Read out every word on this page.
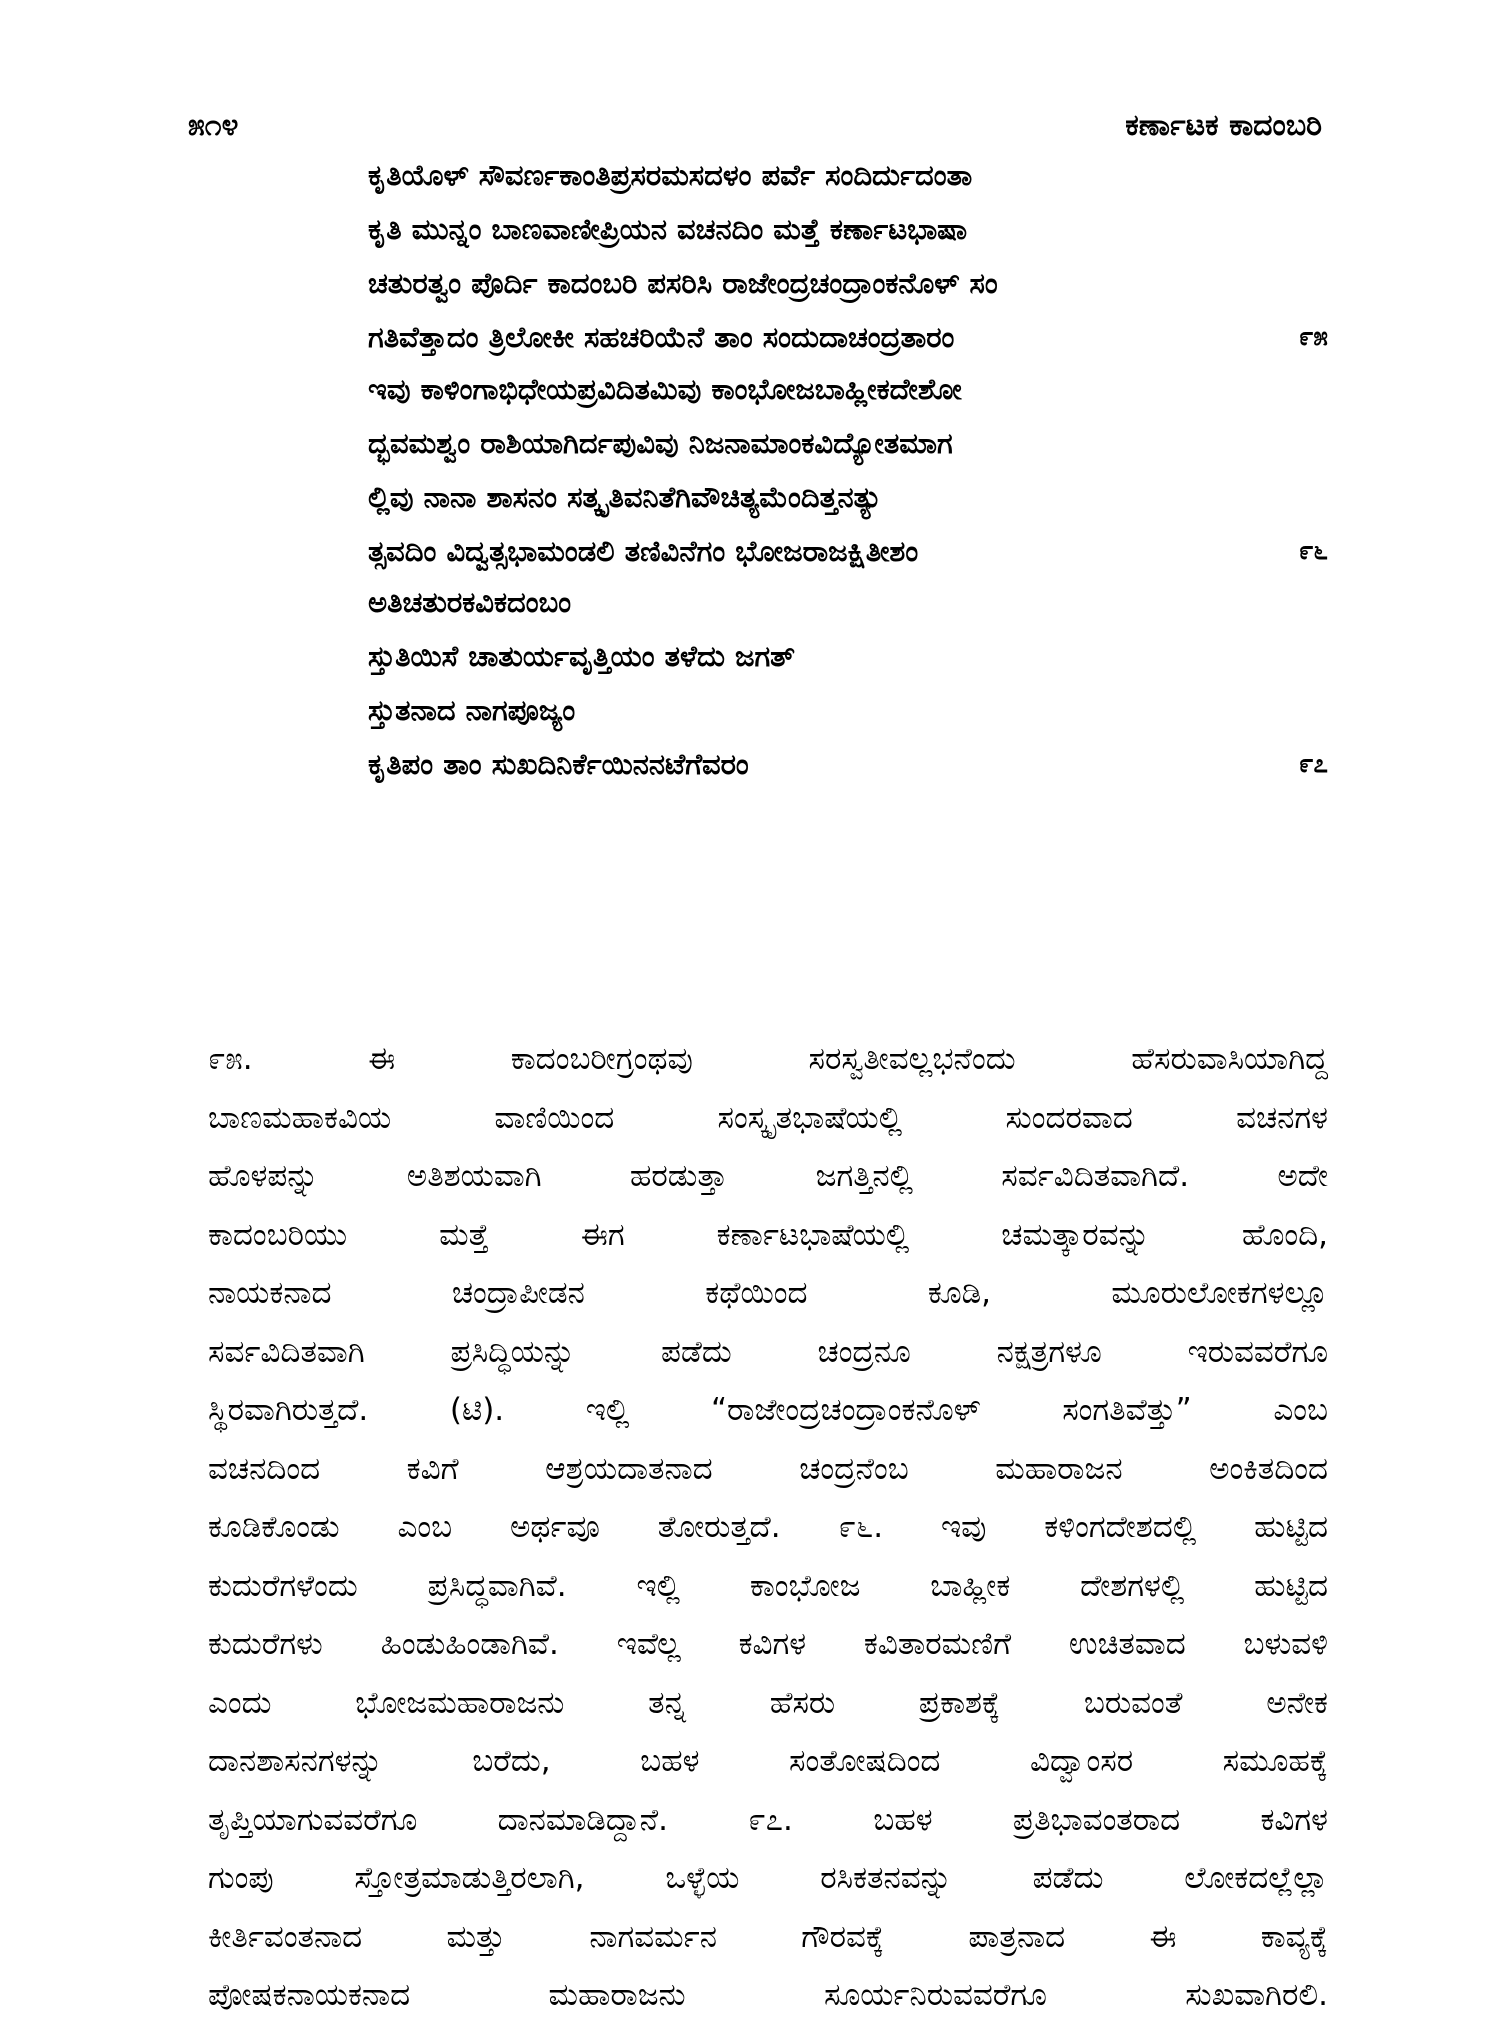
೫೧೪	ಕರ್ಣಾಟಕ ಕಾದಂಬರಿ
ಕೃತಿಯೊಳ್ ಸೌವರ್ಣಕಾಂತಿಪ್ರಸರಮಸದಳಂ ಪರ್ವೆ ಸಂದಿರ್ದುದಂತಾ
ಕೃತಿ ಮುನ್ನಂ ಬಾಣವಾಣೀಪ್ರಿಯನ ವಚನದಿಂ ಮತ್ತೆ ಕರ್ಣಾಟಭಾಷಾ
ಚತುರತ್ವಂ ಪೊರ್ದಿ ಕಾದಂಬರಿ ಪಸರಿಸಿ ರಾಜೇಂದ್ರಚಂದ್ರಾಂಕನೊಳ್ ಸಂ
ಗತಿವೆತ್ತಾದಂ ತ್ರಿಲೋಕೀ ಸಹಚರಿಯೆನೆ ತಾಂ ಸಂದುದಾಚಂದ್ರತಾರಂ	೯೫
ಇವು ಕಾಳಿಂಗಾಭಿಧೇಯಪ್ರವಿದಿತಮಿವು ಕಾಂಭೋಜಬಾಹ್ಲೀಕದೇಶೋ
ದ್ಭವಮಶ್ವಂ ರಾಶಿಯಾಗಿರ್ದಪುವಿವು ನಿಜನಾಮಾಂಕವಿದ್ಯೋತಮಾಗ
ಲ್ಲಿವು ನಾನಾ ಶಾಸನಂ ಸತ್ಕೃತಿವನಿತೆಗಿವೌಚಿತ್ಯಮೆಂದಿತ್ತನತ್ಯು
ತ್ಸವದಿಂ ವಿದ್ವತ್ಸಭಾಮಂಡಲಿ ತಣಿವಿನೆಗಂ ಭೋಜರಾಜಕ್ಷಿತೀಶಂ	೯೬
ಅತಿಚತುರಕವಿಕದಂಬಂ
ಸ್ತುತಿಯಿಸೆ ಚಾತುರ್ಯವೃತ್ತಿಯಂ ತಳೆದು ಜಗತ್
ಸ್ತುತನಾದ ನಾಗಪೂಜ್ಯಂ
ಕೃತಿಪಂ ತಾಂ ಸುಖದಿನಿರ್ಕೆಯಿನನಟೆಗೆವರಂ	೯೭
೯೫. ಈ ಕಾದಂಬರೀಗ್ರಂಥವು ಸರಸ್ವತೀವಲ್ಲಭನೆಂದು ಹೆಸರುವಾಸಿಯಾಗಿದ್ದ
ಬಾಣಮಹಾಕವಿಯ ವಾಣಿಯಿಂದ ಸಂಸ್ಕೃತಭಾಷೆಯಲ್ಲಿ ಸುಂದರವಾದ ವಚನಗಳ
ಹೊಳಪನ್ನು ಅತಿಶಯವಾಗಿ ಹರಡುತ್ತಾ ಜಗತ್ತಿನಲ್ಲಿ ಸರ್ವವಿದಿತವಾಗಿದೆ. ಅದೇ
ಕಾದಂಬರಿಯು ಮತ್ತೆ ಈಗ ಕರ್ಣಾಟಭಾಷೆಯಲ್ಲಿ ಚಮತ್ಕಾರವನ್ನು ಹೊಂದಿ,
ನಾಯಕನಾದ ಚಂದ್ರಾಪೀಡನ ಕಥೆಯಿಂದ ಕೂಡಿ, ಮೂರುಲೋಕಗಳಲ್ಲೂ
ಸರ್ವವಿದಿತವಾಗಿ ಪ್ರಸಿದ್ಧಿಯನ್ನು ಪಡೆದು ಚಂದ್ರನೂ ನಕ್ಷತ್ರಗಳೂ ಇರುವವರೆಗೂ
ಸ್ಥಿರವಾಗಿರುತ್ತದೆ. (ಟಿ). ಇಲ್ಲಿ “ರಾಜೇಂದ್ರಚಂದ್ರಾಂಕನೊಳ್ ಸಂಗತಿವೆತ್ತು” ಎಂಬ
ವಚನದಿಂದ ಕವಿಗೆ ಆಶ್ರಯದಾತನಾದ ಚಂದ್ರನೆಂಬ ಮಹಾರಾಜನ ಅಂಕಿತದಿಂದ
ಕೂಡಿಕೊಂಡು ಎಂಬ ಅರ್ಥವೂ ತೋರುತ್ತದೆ. ೯೬. ಇವು ಕಳಿಂಗದೇಶದಲ್ಲಿ ಹುಟ್ಟಿದ
ಕುದುರೆಗಳೆಂದು ಪ್ರಸಿದ್ಧವಾಗಿವೆ. ಇಲ್ಲಿ ಕಾಂಭೋಜ ಬಾಹ್ಲೀಕ ದೇಶಗಳಲ್ಲಿ ಹುಟ್ಟಿದ
ಕುದುರೆಗಳು ಹಿಂಡುಹಿಂಡಾಗಿವೆ. ಇವೆಲ್ಲ ಕವಿಗಳ ಕವಿತಾರಮಣಿಗೆ ಉಚಿತವಾದ ಬಳುವಳಿ
ಎಂದು ಭೋಜಮಹಾರಾಜನು ತನ್ನ ಹೆಸರು ಪ್ರಕಾಶಕ್ಕೆ ಬರುವಂತೆ ಅನೇಕ
ದಾನಶಾಸನಗಳನ್ನು ಬರೆದು, ಬಹಳ ಸಂತೋಷದಿಂದ ವಿದ್ವಾಂಸರ ಸಮೂಹಕ್ಕೆ
ತೃಪ್ತಿಯಾಗುವವರೆಗೂ ದಾನಮಾಡಿದ್ದಾನೆ. ೯೭. ಬಹಳ ಪ್ರತಿಭಾವಂತರಾದ ಕವಿಗಳ
ಗುಂಪು ಸ್ತೋತ್ರಮಾಡುತ್ತಿರಲಾಗಿ, ಒಳ್ಳೆಯ ರಸಿಕತನವನ್ನು ಪಡೆದು ಲೋಕದಲ್ಲೆಲ್ಲಾ
ಕೀರ್ತಿವಂತನಾದ ಮತ್ತು ನಾಗವರ್ಮನ ಗೌರವಕ್ಕೆ ಪಾತ್ರನಾದ ಈ ಕಾವ್ಯಕ್ಕೆ
ಪೋಷಕನಾಯಕನಾದ ಮಹಾರಾಜನು ಸೂರ್ಯನಿರುವವರೆಗೂ ಸುಖವಾಗಿರಲಿ.
